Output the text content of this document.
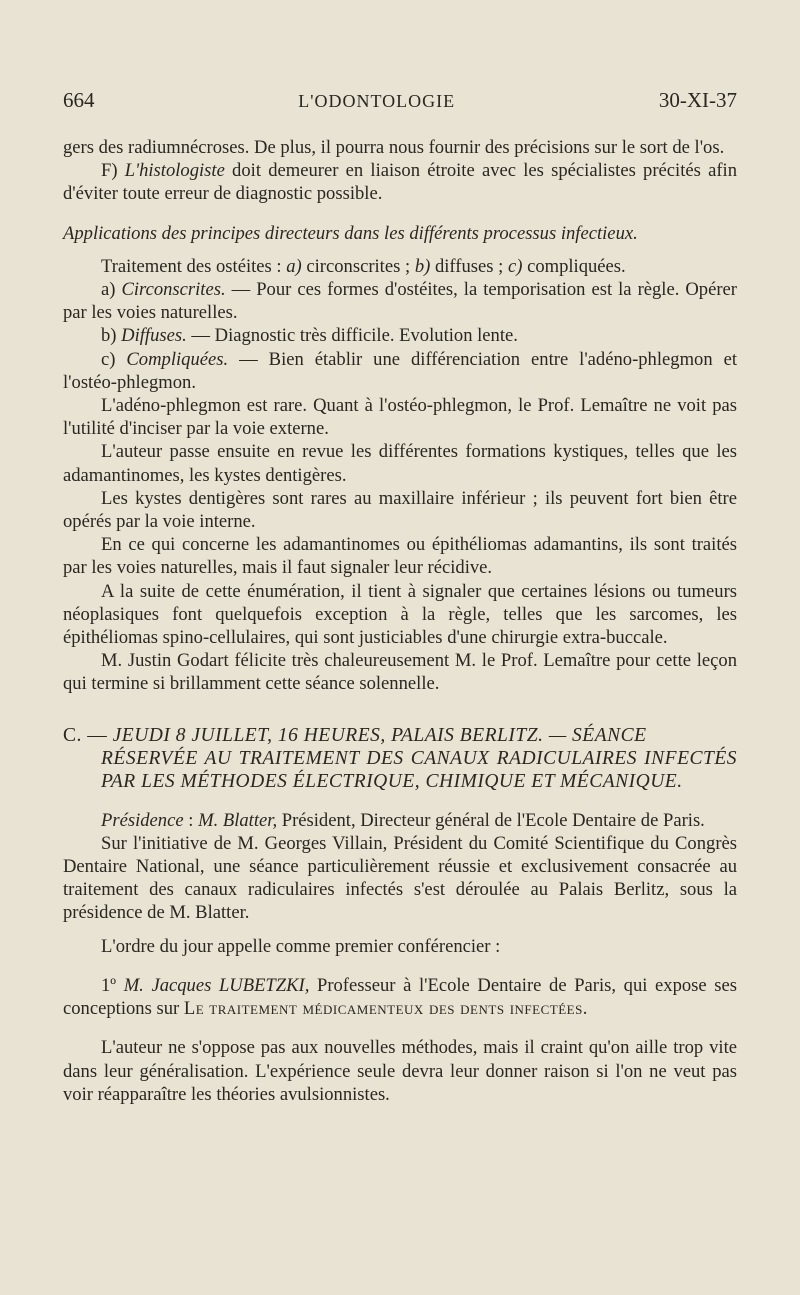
664	L'ODONTOLOGIE	30-XI-37

gers des radiumnécroses. De plus, il pourra nous fournir des précisions sur le sort de l'os.

F) L'histologiste doit demeurer en liaison étroite avec les spécialistes précités afin d'éviter toute erreur de diagnostic possible.

Applications des principes directeurs dans les différents processus infectieux.

Traitement des ostéites : a) circonscrites ; b) diffuses ; c) compliquées.

a) Circonscrites. — Pour ces formes d'ostéites, la temporisation est la règle. Opérer par les voies naturelles.

b) Diffuses. — Diagnostic très difficile. Evolution lente.

c) Compliquées. — Bien établir une différenciation entre l'adéno-phlegmon et l'ostéo-phlegmon.

L'adéno-phlegmon est rare. Quant à l'ostéo-phlegmon, le Prof. Lemaître ne voit pas l'utilité d'inciser par la voie externe.

L'auteur passe ensuite en revue les différentes formations kystiques, telles que les adamantinomes, les kystes dentigères.

Les kystes dentigères sont rares au maxillaire inférieur ; ils peuvent fort bien être opérés par la voie interne.

En ce qui concerne les adamantinomes ou épithéliomas adamantins, ils sont traités par les voies naturelles, mais il faut signaler leur récidive.

A la suite de cette énumération, il tient à signaler que certaines lésions ou tumeurs néoplasiques font quelquefois exception à la règle, telles que les sarcomes, les épithéliomas spino-cellulaires, qui sont justiciables d'une chirurgie extra-buccale.

M. Justin Godart félicite très chaleureusement M. le Prof. Lemaître pour cette leçon qui termine si brillamment cette séance solennelle.

C. — JEUDI 8 JUILLET, 16 HEURES, PALAIS BERLITZ. — SÉANCE
RÉSERVÉE AU TRAITEMENT DES CANAUX RADICULAIRES INFECTÉS PAR LES MÉTHODES ÉLECTRIQUE, CHIMIQUE ET MÉCANIQUE.

Présidence : M. Blatter, Président, Directeur général de l'Ecole Dentaire de Paris.

Sur l'initiative de M. Georges Villain, Président du Comité Scientifique du Congrès Dentaire National, une séance particulièrement réussie et exclusivement consacrée au traitement des canaux radiculaires infectés s'est déroulée au Palais Berlitz, sous la présidence de M. Blatter.

L'ordre du jour appelle comme premier conférencier :

1º M. Jacques LUBETZKI, Professeur à l'Ecole Dentaire de Paris, qui expose ses conceptions sur Le traitement médicamenteux des dents infectées.

L'auteur ne s'oppose pas aux nouvelles méthodes, mais il craint qu'on aille trop vite dans leur généralisation. L'expérience seule devra leur donner raison si l'on ne veut pas voir réapparaître les théories avulsionnistes.
